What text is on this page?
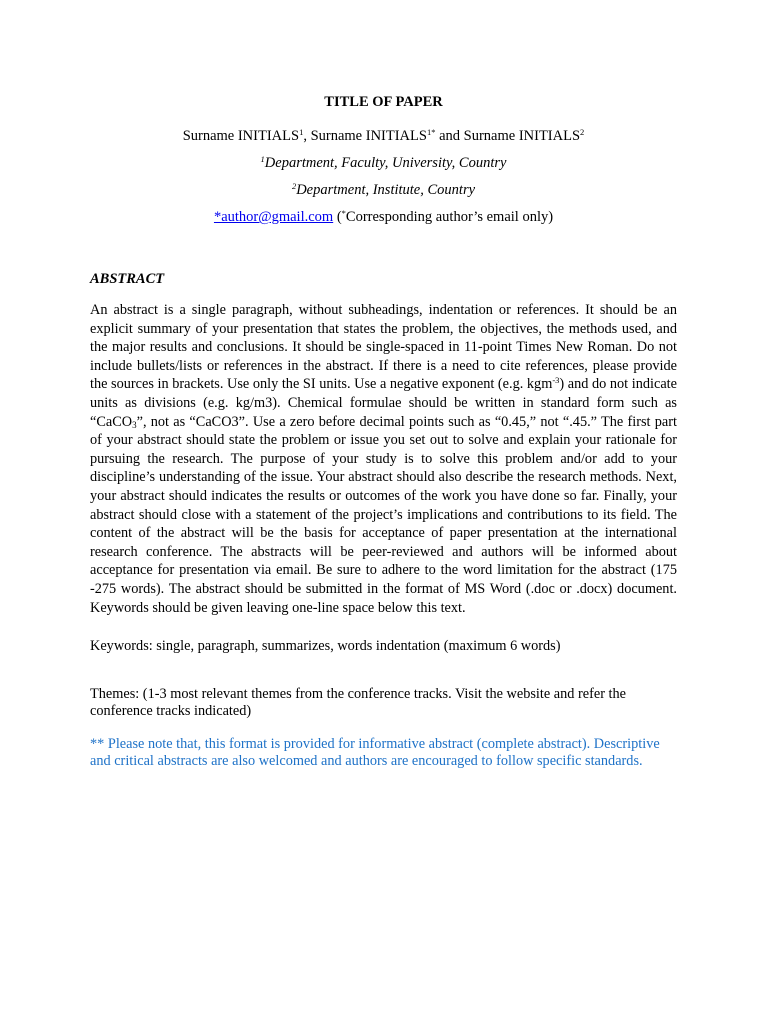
TITLE OF PAPER
Surname INITIALS$^1$, Surname $INITIALS^{1*}$ and Surname INITIALS$^2$
$^1$Department, Faculty, University, Country
$^2$Department, Institute, Country
*author@gmail.com (*Corresponding author’s email only)
ABSTRACT

An abstract is a single paragraph, without subheadings, indentation or references. It should be an explicit summary of your presentation that states the problem, the objectives, the methods used, and the major results and conclusions. It should be single-spaced in 11-point Times New Roman. Do not include bullets/lists or references in the abstract. If there is a need to cite references, please provide the sources in brackets. Use only the SI units. Use a negative exponent (e.g. kgm$^{-3}$) and do not indicate units as divisions (e.g. kg/m3). Chemical formulae should be written in standard form such as “CaCO$_3$”, not as “CaCO3”. Use a zero before decimal points such as “0.45,” not “.45.” The first part of your abstract should state the problem or issue you set out to solve and explain your rationale for pursuing the research. The purpose of your study is to solve this problem and/or add to your discipline’s understanding of the issue. Your abstract should also describe the research methods. Next, your abstract should indicates the results or outcomes of the work you have done so far. Finally, your abstract should close with a statement of the project’s implications and contributions to its field. The content of the abstract will be the basis for acceptance of paper presentation at the international research conference. The abstracts will be peer-reviewed and authors will be informed about acceptance for presentation via email. Be sure to adhere to the word limitation for the abstract (175 -275 words). The abstract should be submitted in the format of MS Word (.doc or .docx) document. Keywords should be given leaving one-line space below this text.

Keywords: single, paragraph, summarizes, words indentation (maximum 6 words)

Themes: (1-3 most relevant themes from the conference tracks. Visit the website and refer the conference tracks indicated)

** Please note that, this format is provided for informative abstract (complete abstract). Descriptive and critical abstracts are also welcomed and authors are encouraged to follow specific standards.
